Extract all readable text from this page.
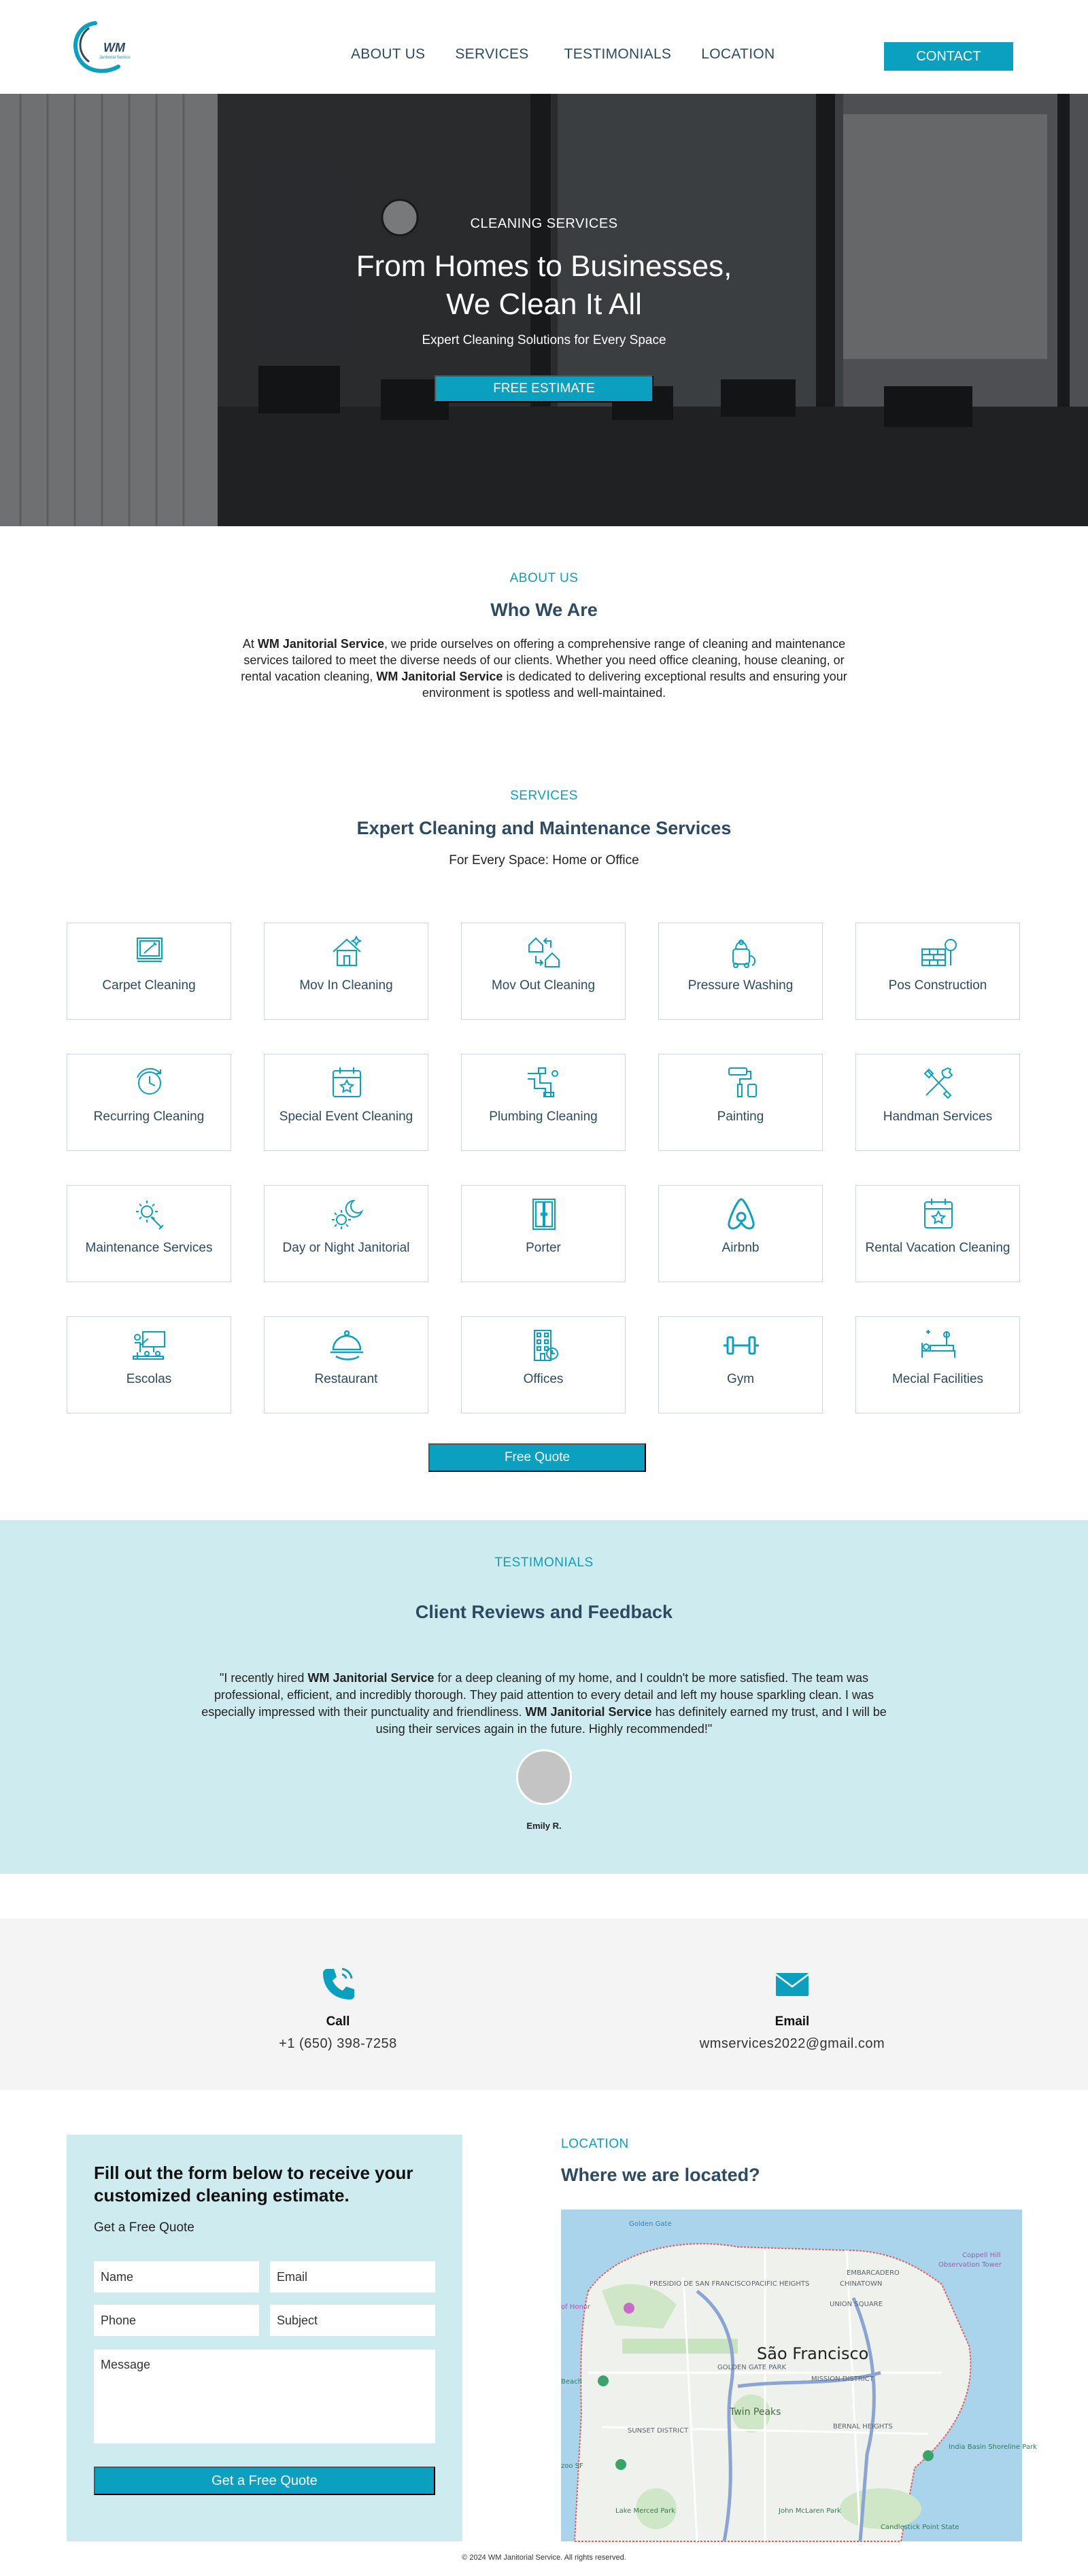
WM
Janitorial Service	ABOUT US SERVICES TESTIMONIALS LOCATION	CONTACT
CLEANING SERVICES
From Homes to Businesses, We Clean It All
Expert Cleaning Solutions for Every Space
FREE ESTIMATE
ABOUT US
Who We Are

At WM Janitorial Service, we pride ourselves on offering a comprehensive range of cleaning and maintenance services tailored to meet the diverse needs of our clients. Whether you need office cleaning, house cleaning, or rental vacation cleaning, WM Janitorial Service is dedicated to delivering exceptional results and ensuring your environment is spotless and well-maintained.

SERVICES
Expert Cleaning and Maintenance Services
For Every Space: Home or Office
Carpet Cleaning	Mov In Cleaning	Mov Out Cleaning	Pressure Washing	Pos Construction
Recurring Cleaning	Special Event Cleaning	Plumbing Cleaning	Painting	Handman Services
Maintenance Services	Day or Night Janitorial	Porter	Airbnb	Rental Vacation Cleaning
Escolas	Restaurant	Offices	Gym	Mecial Facilities
Free Quote
TESTIMONIALS
Client Reviews and Feedback

"I recently hired WM Janitorial Service for a deep cleaning of my home, and I couldn't be more satisfied. The team was professional, efficient, and incredibly thorough. They paid attention to every detail and left my house sparkling clean. I was especially impressed with their punctuality and friendliness. WM Janitorial Service has definitely earned my trust, and I will be using their services again in the future. Highly recommended!"

Emily R.
Call
+1 (650) 398-7258
Email
wmservices2022@gmail.com
Fill out the form below to receive your customized cleaning estimate.
Get a Free Quote
Name	Email
Phone	Subject
Message
Get a Free Quote
LOCATION
Where we are located?
São Francisco
Golden Gate
Coppell Hill
Observation Tower
PRESIDIO DE SAN FRANCISCO PACIFIC HEIGHTS
EMBARCADERO
CHINATOWN
UNION SQUARE
GOLDEN GATE PARK
Twin Peaks
MISSION DISTRICT
SUNSET DISTRICT
BERNAL HEIGHTS
India Basin Shoreline Park
Lake Merced Park	John McLaren Park
Candlestick Point State
of Honor
Beach
zoo SF
© 2024 WM Janitorial Service. All rights reserved.
